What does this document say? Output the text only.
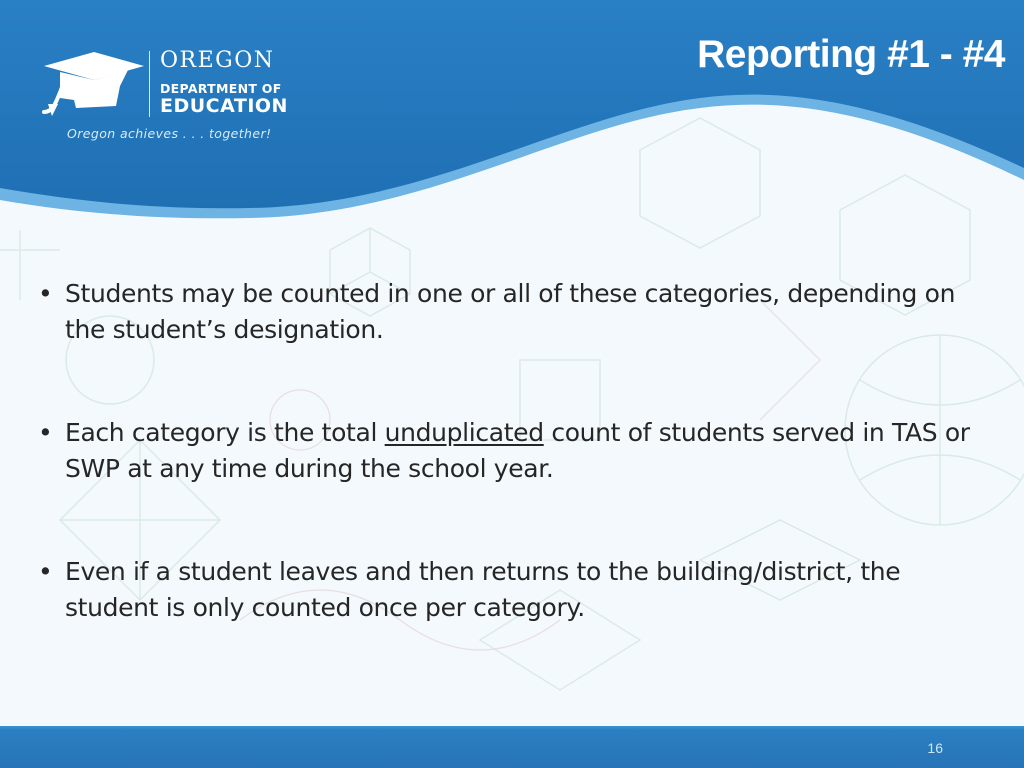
OREGON
DEPARTMENT OF
EDUCATION
Oregon achieves . . . together!
Reporting #1 - #4
• Students may be counted in one or all of these categories, depending on the student’s designation.
• Each category is the total unduplicated count of students served in TAS or SWP at any time during the school year.
• Even if a student leaves and then returns to the building/district, the student is only counted once per category.
16
